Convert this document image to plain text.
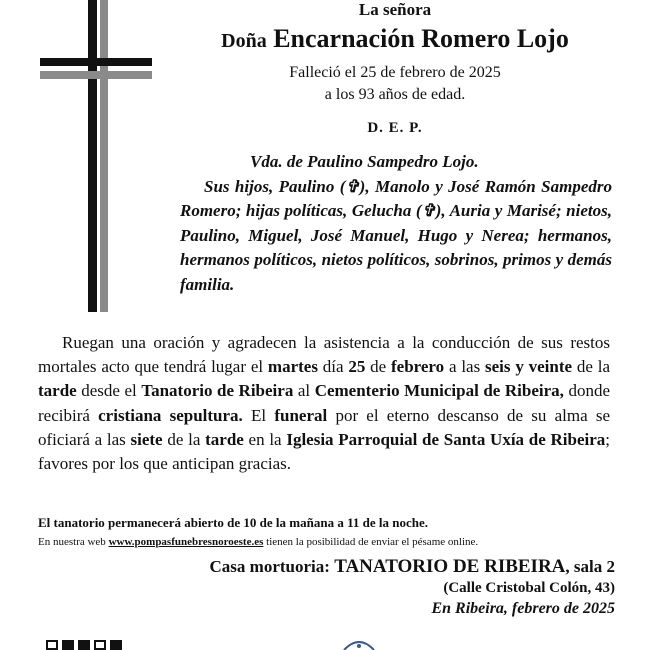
La señora
Doña Encarnación Romero Lojo
Falleció el 25 de febrero de 2025
a los 93 años de edad.
D. E. P.
Vda. de Paulino Sampedro Lojo.
Sus hijos, Paulino (✞), Manolo y José Ramón Sampedro Romero; hijas políticas, Gelucha (✞), Auria y Marisé; nietos, Paulino, Miguel, José Manuel, Hugo y Nerea; hermanos, hermanos políticos, nietos políticos, sobrinos, primos y demás familia.
Ruegan una oración y agradecen la asistencia a la conducción de sus restos mortales acto que tendrá lugar el martes día 25 de febrero a las seis y veinte de la tarde desde el Tanatorio de Ribeira al Cementerio Municipal de Ribeira, donde recibirá cristiana sepultura. El funeral por el eterno descanso de su alma se oficiará a las siete de la tarde en la Iglesia Parroquial de Santa Uxía de Ribeira; favores por los que anticipan gracias.
El tanatorio permanecerá abierto de 10 de la mañana a 11 de la noche.
En nuestra web www.pompasfunebresnoroeste.es tienen la posibilidad de enviar el pésame online.
Casa mortuoria: TANATORIO DE RIBEIRA, sala 2
(Calle Cristobal Colón, 43)
En Ribeira, febrero de 2025
